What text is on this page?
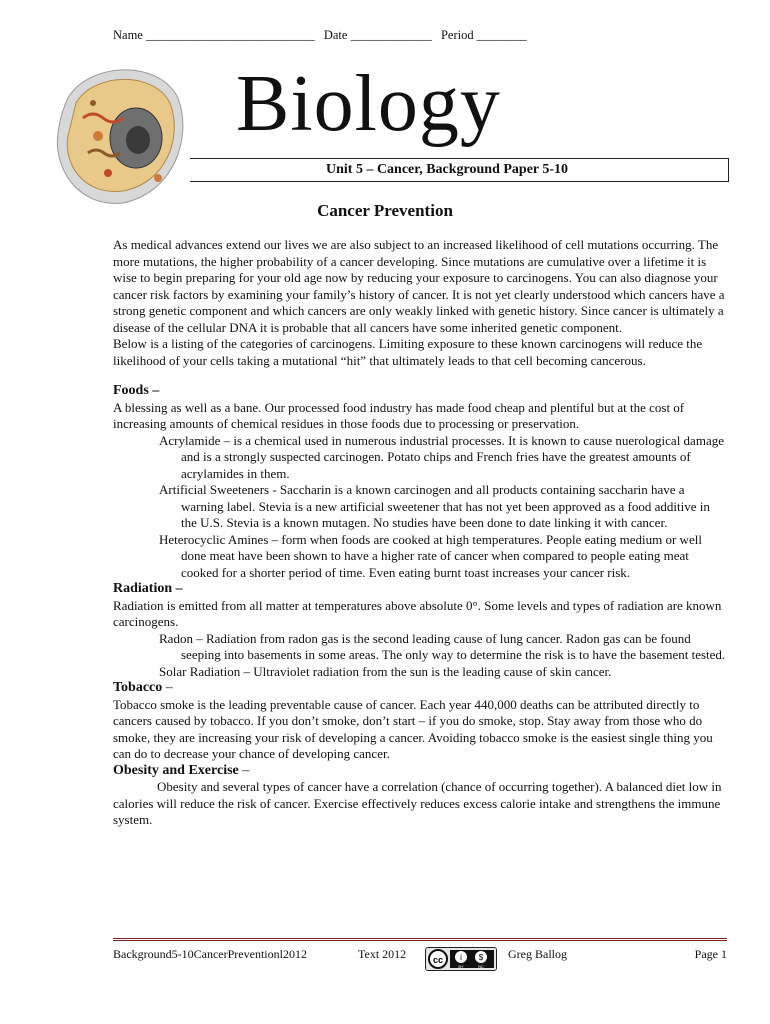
Name ___________________________ Date _____________ Period ________
Biology
Unit 5 – Cancer, Background Paper 5-10
Cancer Prevention

As medical advances extend our lives we are also subject to an increased likelihood of cell mutations occurring. The more mutations, the higher probability of a cancer developing. Since mutations are cumulative over a lifetime it is wise to begin preparing for your old age now by reducing your exposure to carcinogens. You can also diagnose your cancer risk factors by examining your family’s history of cancer. It is not yet clearly understood which cancers have a strong genetic component and which cancers are only weakly linked with genetic history. Since cancer is ultimately a disease of the cellular DNA it is probable that all cancers have some inherited genetic component.

Below is a listing of the categories of carcinogens. Limiting exposure to these known carcinogens will reduce the likelihood of your cells taking a mutational “hit” that ultimately leads to that cell becoming cancerous.

Foods –

A blessing as well as a bane. Our processed food industry has made food cheap and plentiful but at the cost of increasing amounts of chemical residues in those foods due to processing or preservation.

Acrylamide – is a chemical used in numerous industrial processes. It is known to cause nuerological damage and is a strongly suspected carcinogen. Potato chips and French fries have the greatest amounts of acrylamides in them.

Artificial Sweeteners - Saccharin is a known carcinogen and all products containing saccharin have a warning label. Stevia is a new artificial sweetener that has not yet been approved as a food additive in the U.S. Stevia is a known mutagen. No studies have been done to date linking it with cancer.

Heterocyclic Amines – form when foods are cooked at high temperatures. People eating medium or well done meat have been shown to have a higher rate of cancer when compared to people eating meat cooked for a shorter period of time. Even eating burnt toast increases your cancer risk.

Radiation –

Radiation is emitted from all matter at temperatures above absolute 0°. Some levels and types of radiation are known carcinogens.

Radon – Radiation from radon gas is the second leading cause of lung cancer. Radon gas can be found seeping into basements in some areas. The only way to determine the risk is to have the basement tested.

Solar Radiation – Ultraviolet radiation from the sun is the leading cause of skin cancer.

Tobacco –

Tobacco smoke is the leading preventable cause of cancer. Each year 440,000 deaths can be attributed directly to cancers caused by tobacco. If you don’t smoke, don’t start – if you do smoke, stop. Stay away from those who do smoke, they are increasing your risk of developing a cancer. Avoiding tobacco smoke is the easiest single thing you can do to decrease your chance of developing cancer.

Obesity and Exercise –

Obesity and several types of cancer have a correlation (chance of occurring together). A balanced diet low in calories will reduce the risk of cancer. Exercise effectively reduces excess calorie intake and strengthens the immune system.

Background5-10CancerPreventionl2012	Text 2012	cc i $
BY	NC
Greg Ballog	Page 1
